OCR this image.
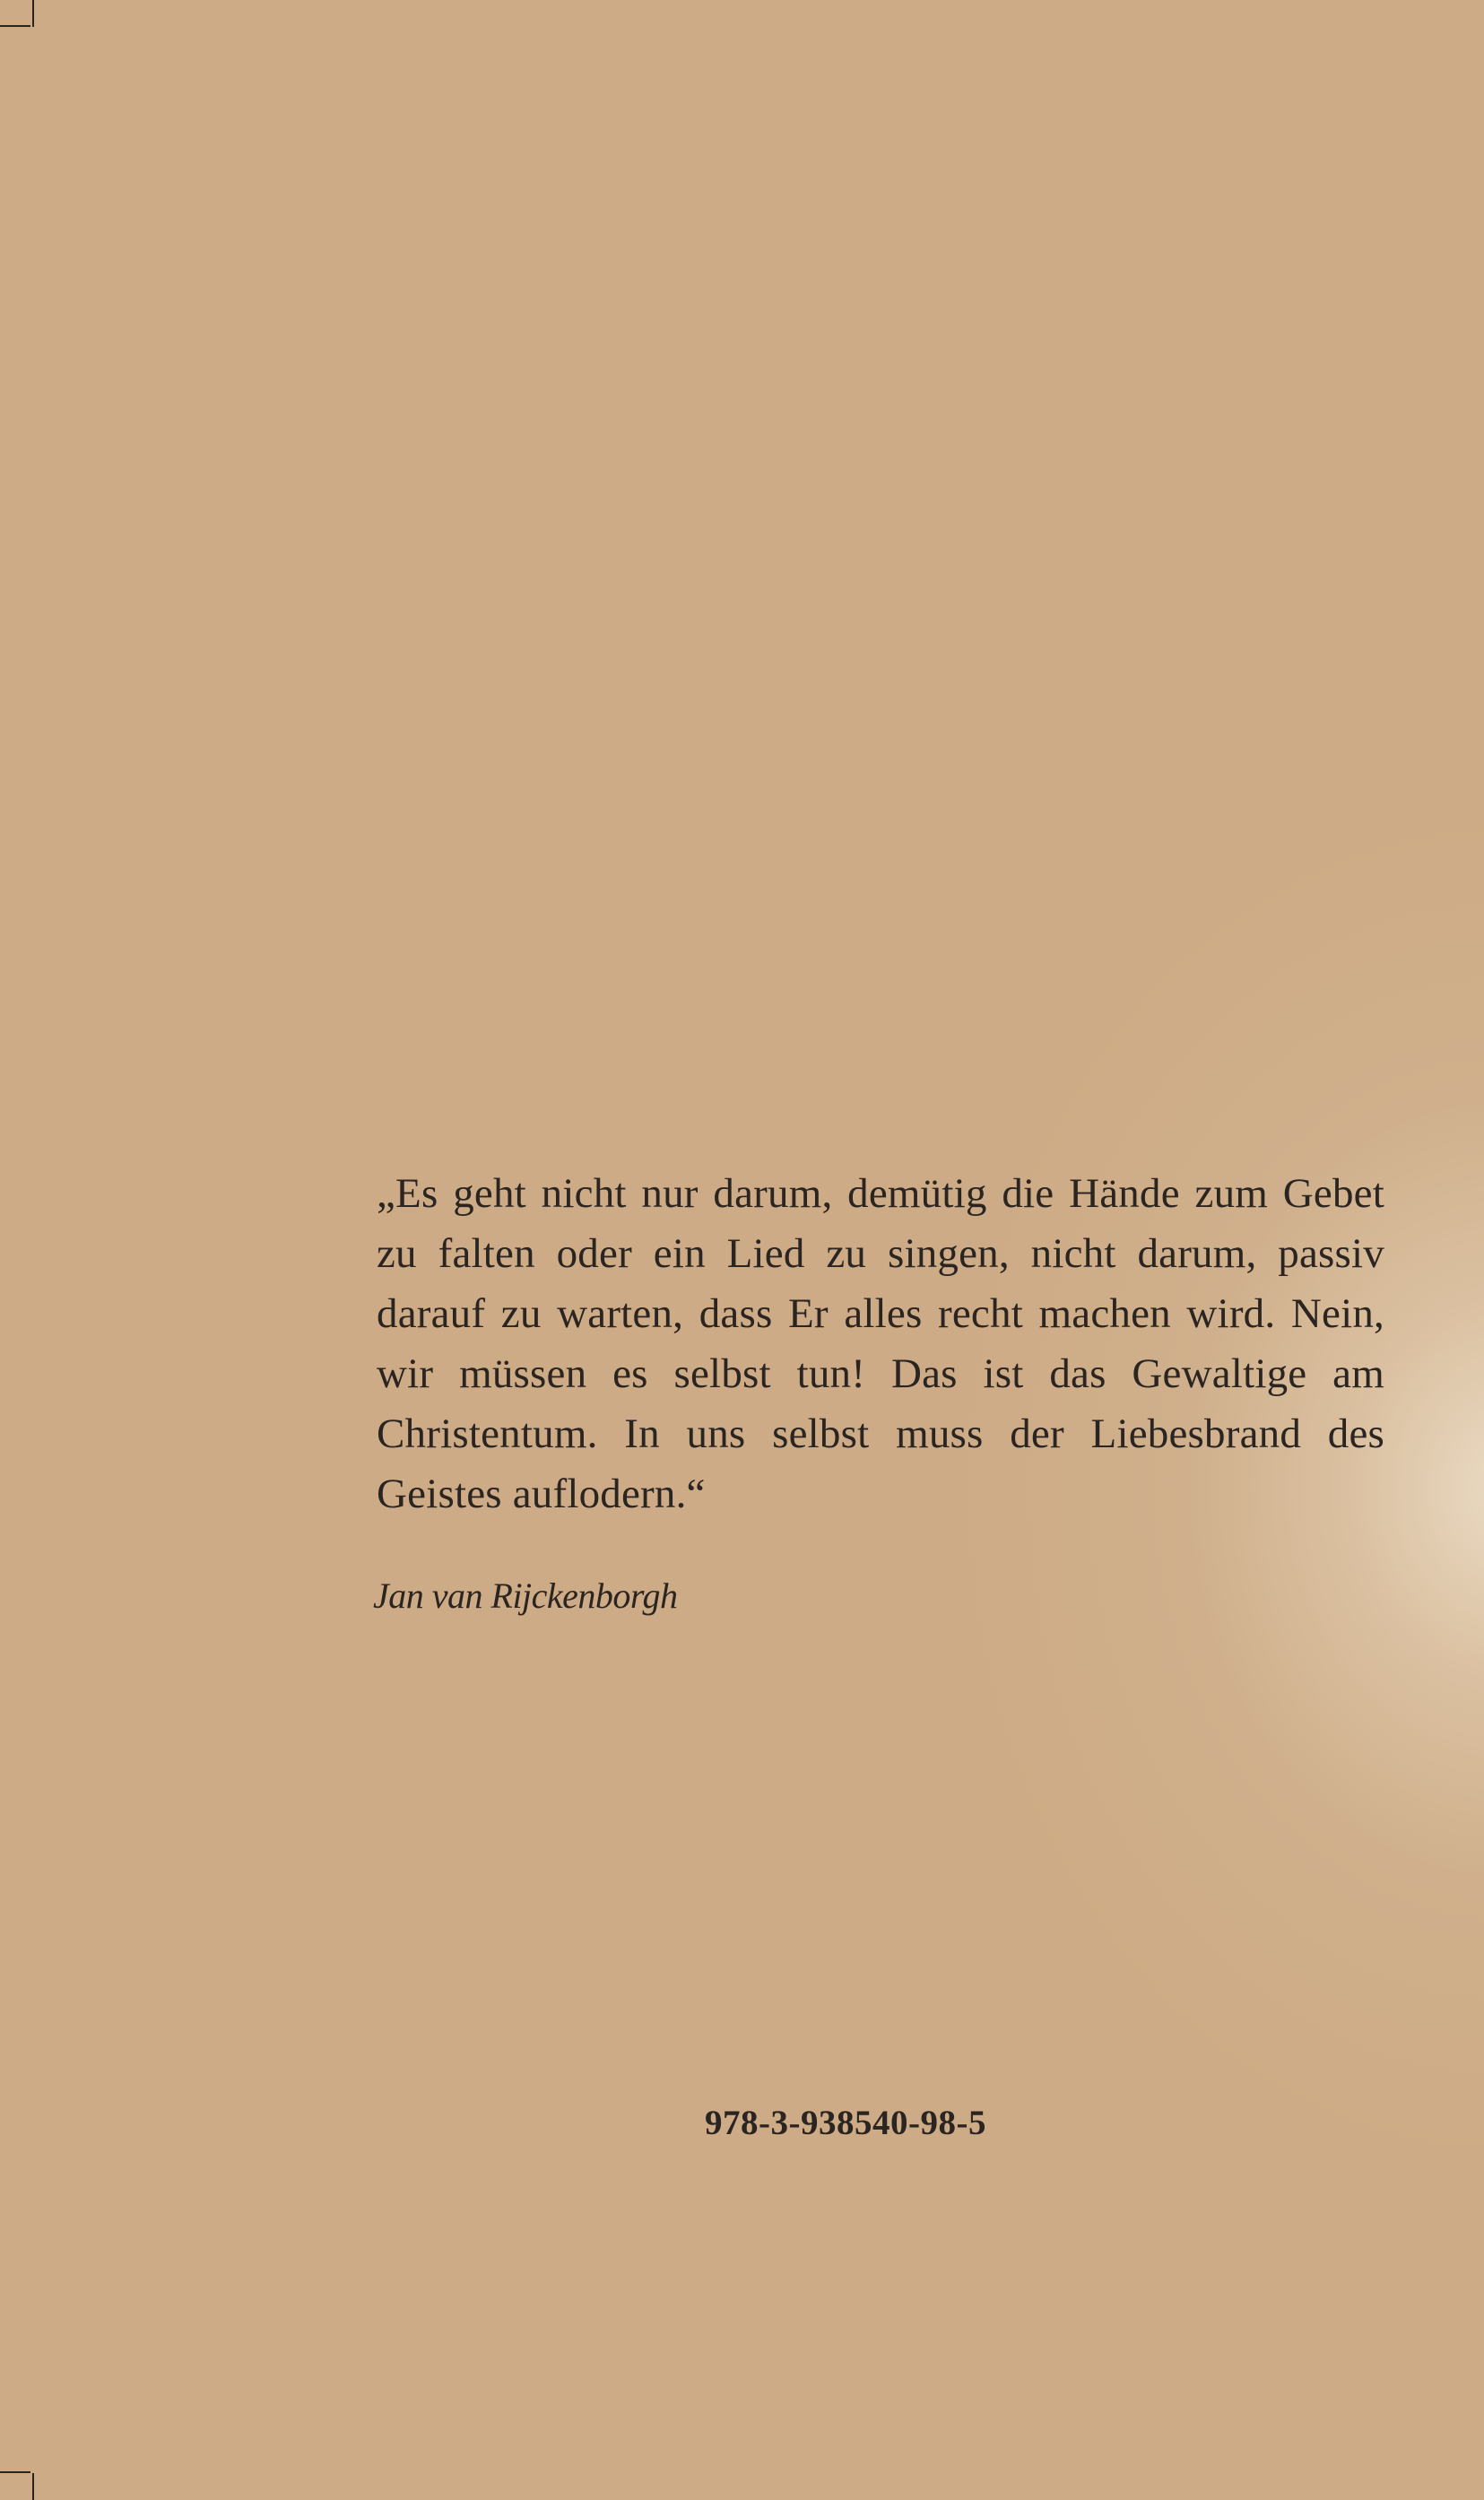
„Es geht nicht nur darum, demütig die Hände zum Gebet zu falten oder ein Lied zu singen, nicht darum, passiv darauf zu warten, dass Er alles recht machen wird. Nein, wir müssen es selbst tun! Das ist das Gewaltige am Christentum. In uns selbst muss der Liebesbrand des Geistes auflodern.“

Jan van Rijckenborgh

978-3-938540-98-5
